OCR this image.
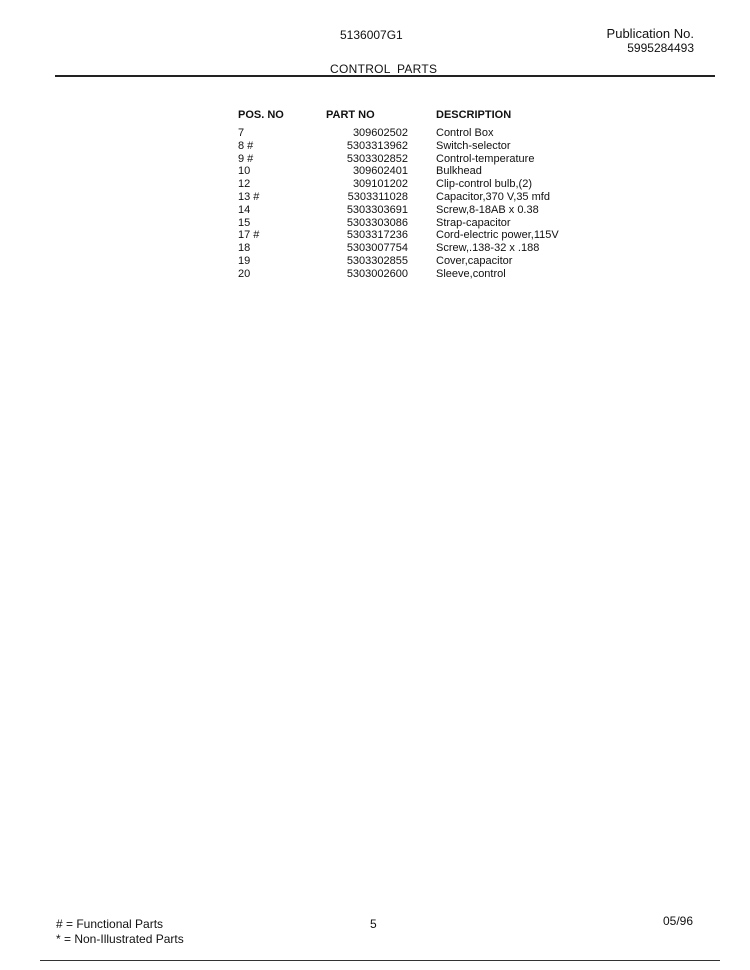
5136007G1	Publication No.
5995284493
CONTROL PARTS
POS. NO	PART NO	DESCRIPTION
7	309602502	Control Box
8 #	5303313962	Switch-selector
9 #	5303302852	Control-temperature
10	309602401	Bulkhead
12	309101202	Clip-control bulb,(2)
13 #	5303311028	Capacitor,370 V,35 mfd
14	5303303691	Screw,8-18AB x 0.38
15	5303303086	Strap-capacitor
17 #	5303317236	Cord-electric power,115V
18	5303007754	Screw,.138-32 x .188
19	5303302855	Cover,capacitor
20	5303002600	Sleeve,control
# = Functional Parts
* = Non-Illustrated Parts
5	05/96
